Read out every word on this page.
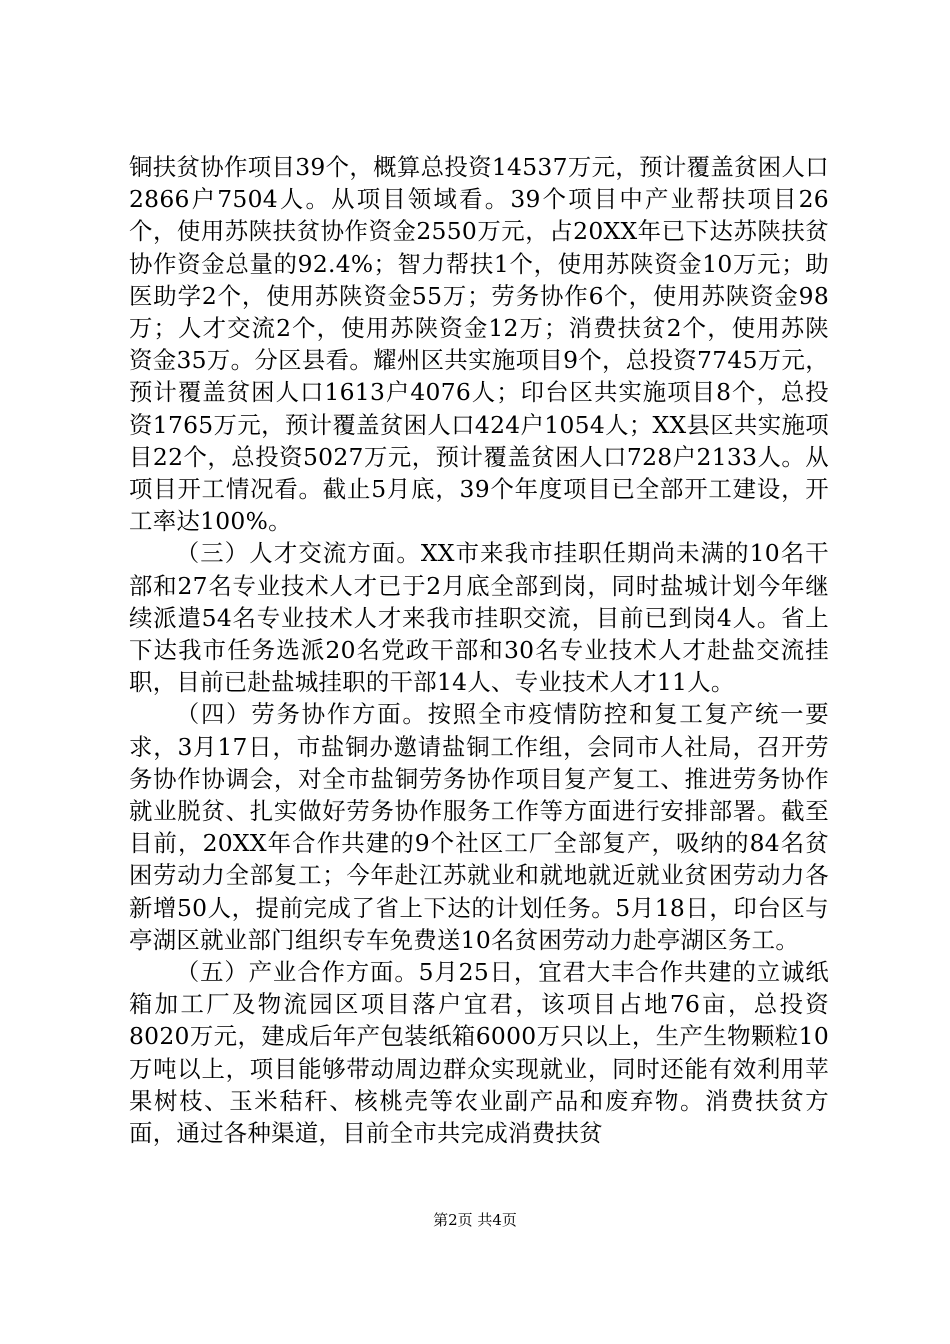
铜扶贫协作项目39个，概算总投资14537万元，预计覆盖贫困人口2866户7504人。从项目领域看。39个项目中产业帮扶项目26个，使用苏陕扶贫协作资金2550万元，占20XX年已下达苏陕扶贫协作资金总量的92.4%；智力帮扶1个，使用苏陕资金10万元；助医助学2个，使用苏陕资金55万；劳务协作6个，使用苏陕资金98万；人才交流2个，使用苏陕资金12万；消费扶贫2个，使用苏陕资金35万。分区县看。耀州区共实施项目9个，总投资7745万元，预计覆盖贫困人口1613户4076人；印台区共实施项目8个，总投资1765万元，预计覆盖贫困人口424户1054人；XX县区共实施项目22个，总投资5027万元，预计覆盖贫困人口728户2133人。从项目开工情况看。截止5月底，39个年度项目已全部开工建设，开工率达100%。

（三）人才交流方面。XX市来我市挂职任期尚未满的10名干部和27名专业技术人才已于2月底全部到岗，同时盐城计划今年继续派遣54名专业技术人才来我市挂职交流，目前已到岗4人。省上下达我市任务选派20名党政干部和30名专业技术人才赴盐交流挂职，目前已赴盐城挂职的干部14人、专业技术人才11人。

（四）劳务协作方面。按照全市疫情防控和复工复产统一要求，3月17日，市盐铜办邀请盐铜工作组，会同市人社局，召开劳务协作协调会，对全市盐铜劳务协作项目复产复工、推进劳务协作就业脱贫、扎实做好劳务协作服务工作等方面进行安排部署。截至目前，20XX年合作共建的9个社区工厂全部复产，吸纳的84名贫困劳动力全部复工；今年赴江苏就业和就地就近就业贫困劳动力各新增50人，提前完成了省上下达的计划任务。5月18日，印台区与亭湖区就业部门组织专车免费送10名贫困劳动力赴亭湖区务工。

（五）产业合作方面。5月25日，宜君大丰合作共建的立诚纸箱加工厂及物流园区项目落户宜君，该项目占地76亩，总投资8020万元，建成后年产包装纸箱6000万只以上，生产生物颗粒10万吨以上，项目能够带动周边群众实现就业，同时还能有效利用苹果树枝、玉米秸秆、核桃壳等农业副产品和废弃物。消费扶贫方面，通过各种渠道，目前全市共完成消费扶贫

第2页 共4页
